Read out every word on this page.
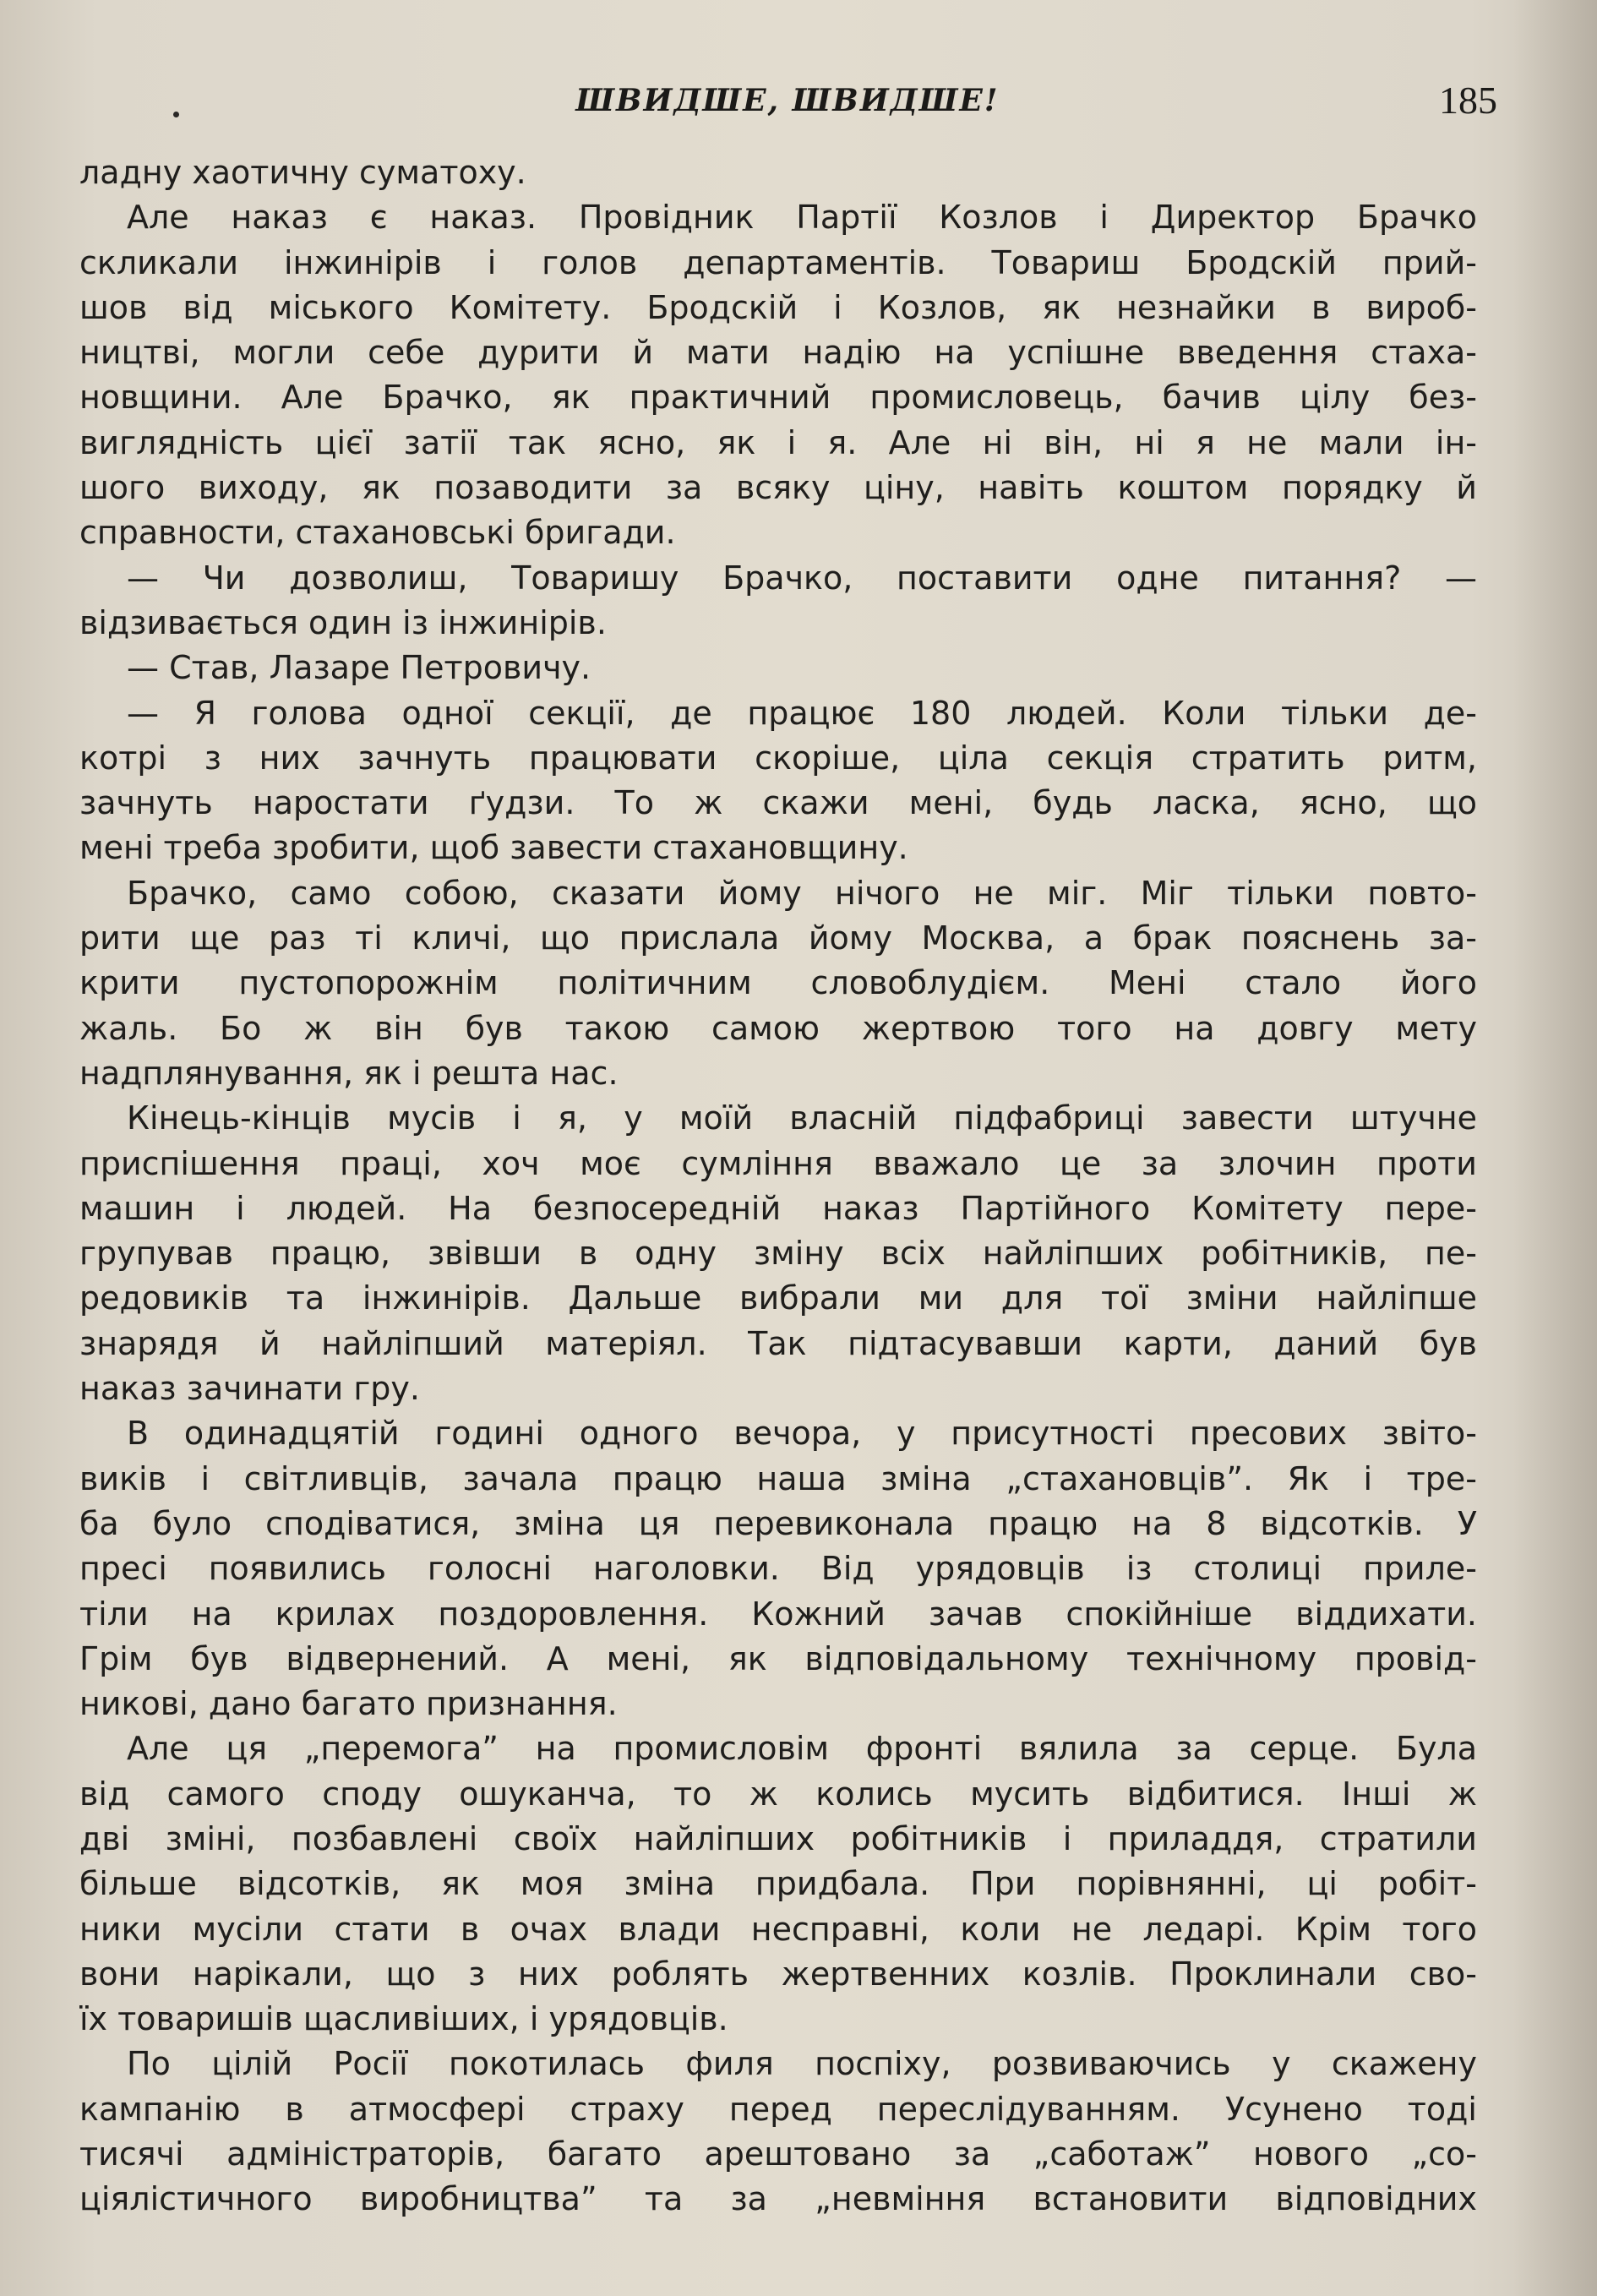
ШВИДШЕ, ШВИДШЕ!	185
ладну хаотичну суматоху.
Але наказ є наказ. Провідник Партії Козлов і Директор Брачко
скликали інжинірів і голов департаментів. Товариш Бродскій прий-
шов від міського Комітету. Бродскій і Козлов, як незнайки в вироб-
ництві, могли себе дурити й мати надію на успішне введення стаха-
новщини. Але Брачко, як практичний промисловець, бачив цілу без-
виглядність цієї затії так ясно, як і я. Але ні він, ні я не мали ін-
шого виходу, як позаводити за всяку ціну, навіть коштом порядку й
справности, стахановські бригади.
— Чи дозволиш, Товаришу Брачко, поставити одне питання? —
відзивається один із інжинірів.
— Став, Лазаре Петровичу.
— Я голова одної секції, де працює 180 людей. Коли тільки де-
котрі з них зачнуть працювати скоріше, ціла секція стратить ритм,
зачнуть наростати ґудзи. То ж скажи мені, будь ласка, ясно, що
мені треба зробити, щоб завести стахановщину.
Брачко, само собою, сказати йому нічого не міг. Міг тільки повто-
рити ще раз ті кличі, що прислала йому Москва, а брак пояснень за-
крити пустопорожнім політичним словоблудієм. Мені стало його
жаль. Бо ж він був такою самою жертвою того на довгу мету
надплянування, як і решта нас.
Кінець-кінців мусів і я, у моїй власній підфабриці завести штучне
приспішення праці, хоч моє сумління вважало це за злочин проти
машин і людей. На безпосередній наказ Партійного Комітету пере-
групував працю, звівши в одну зміну всіх найліпших робітників, пе-
редовиків та інжинірів. Дальше вибрали ми для тої зміни найліпше
знарядя й найліпший матеріял. Так підтасувавши карти, даний був
наказ зачинати гру.
В одинадцятій годині одного вечора, у присутності пресових звіто-
виків і світливців, зачала працю наша зміна „стахановців”. Як і тре-
ба було сподіватися, зміна ця перевиконала працю на 8 відсотків. У
пресі появились голосні наголовки. Від урядовців із столиці приле-
тіли на крилах поздоровлення. Кожний зачав спокійніше віддихати.
Грім був відвернений. А мені, як відповідальному технічному провід-
никові, дано багато признання.
Але ця „перемога” на промисловім фронті вялила за серце. Була
від самого споду ошуканча, то ж колись мусить відбитися. Інші ж
дві зміні, позбавлені своїх найліпших робітників і приладдя, стратили
більше відсотків, як моя зміна придбала. При порівнянні, ці робіт-
ники мусіли стати в очах влади несправні, коли не ледарі. Крім того
вони нарікали, що з них роблять жертвенних козлів. Проклинали сво-
їх товаришів щасливіших, і урядовців.
По цілій Росії покотилась филя поспіху, розвиваючись у скажену
кампанію в атмосфері страху перед переслідуванням. Усунено тоді
тисячі адміністраторів, багато арештовано за „саботаж” нового „со-
ціялістичного виробництва” та за „невміння встановити відповідних
